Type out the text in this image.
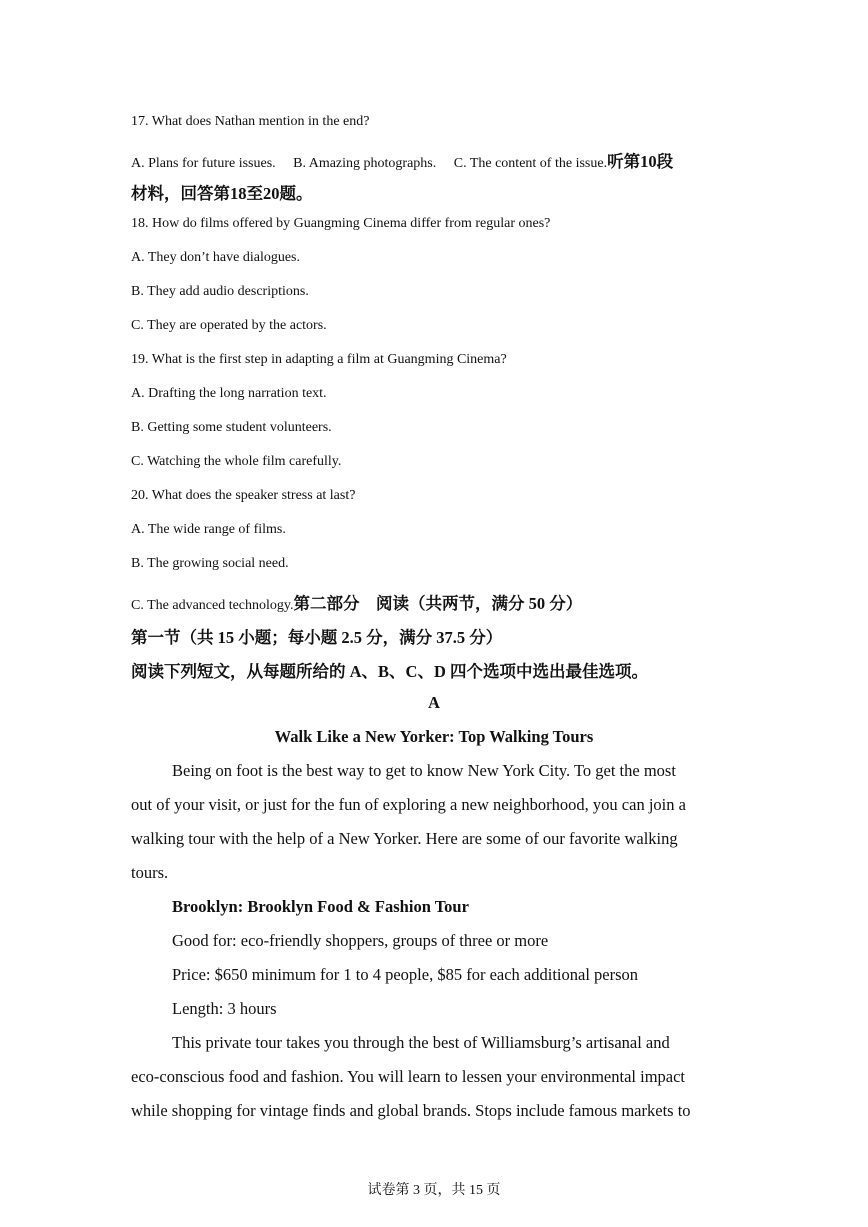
17. What does Nathan mention in the end?
A. Plans for future issues.     B. Amazing photographs.     C. The content of the issue.听第10段
材料，回答第18至20题。
18. How do films offered by Guangming Cinema differ from regular ones?
A. They don’t have dialogues.
B. They add audio descriptions.
C. They are operated by the actors.
19. What is the first step in adapting a film at Guangming Cinema?
A. Drafting the long narration text.
B. Getting some student volunteers.
C. Watching the whole film carefully.
20. What does the speaker stress at last?
A. The wide range of films.
B. The growing social need.
C. The advanced technology.第二部分　阅读（共两节，满分 50 分）
第一节（共 15 小题；每小题 2.5 分，满分 37.5 分）
阅读下列短文，从每题所给的 A、B、C、D 四个选项中选出最佳选项。
A
Walk Like a New Yorker: Top Walking Tours
Being on foot is the best way to get to know New York City. To get the most
out of your visit, or just for the fun of exploring a new neighborhood, you can join a
walking tour with the help of a New Yorker. Here are some of our favorite walking
tours.
Brooklyn: Brooklyn Food & Fashion Tour
Good for: eco-friendly shoppers, groups of three or more
Price: $650 minimum for 1 to 4 people, $85 for each additional person
Length: 3 hours
This private tour takes you through the best of Williamsburg’s artisanal and
eco-conscious food and fashion. You will learn to lessen your environmental impact
while shopping for vintage finds and global brands. Stops include famous markets to
试卷第 3 页，共 15 页
